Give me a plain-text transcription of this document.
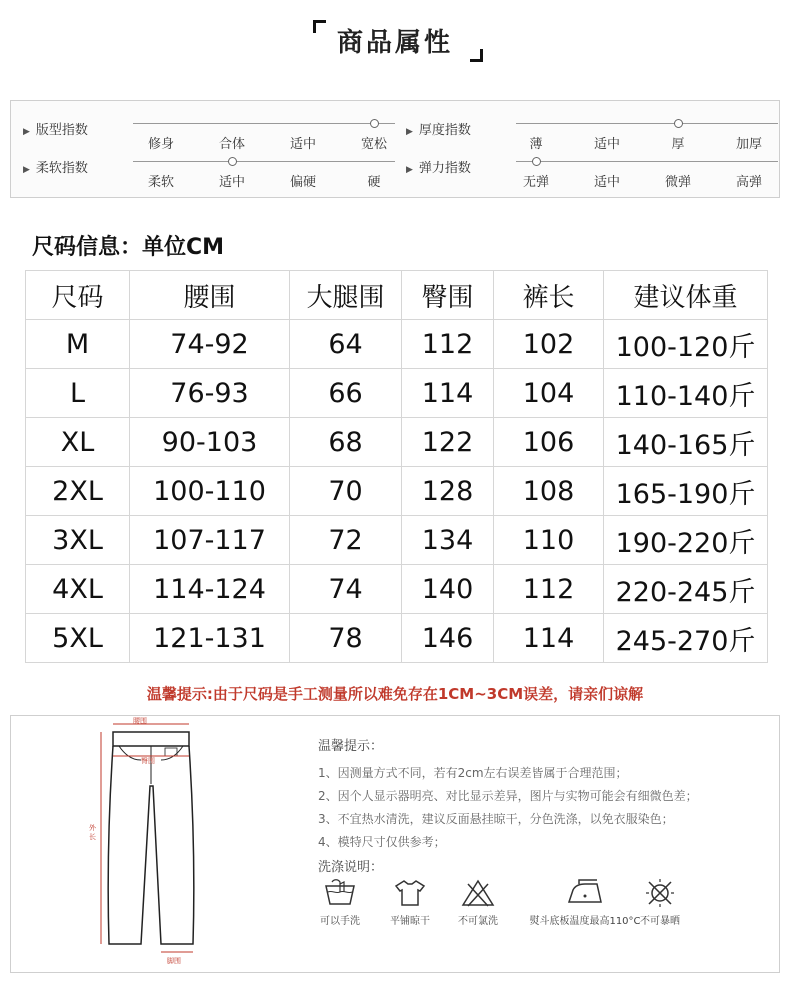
商品属性
▶ 版型指数
修身	合体	适中	宽松
▶ 厚度指数
薄	适中	厚	加厚
▶ 柔软指数
柔软	适中	偏硬	硬
▶ 弹力指数
无弹	适中	微弹	高弹
尺码信息：单位CM
尺码	腰围	大腿围	臀围	裤长	建议体重
M	74-92	64	112	102	100-120斤
L	76-93	66	114	104	110-140斤
XL	90-103	68	122	106	140-165斤
2XL	100-110	70	128	108	165-190斤
3XL	107-117	72	134	110	190-220斤
4XL	114-124	74	140	112	220-245斤
5XL	121-131	78	146	114	245-270斤
温馨提示:由于尺码是手工测量所以难免存在1CM~3CM误差，请亲们谅解
腰围
臀围
外长
脚围
温馨提示：
1、因测量方式不同，若有2cm左右误差皆属于合理范围；
2、因个人显示器明亮、对比显示差异，图片与实物可能会有细微色差；
3、不宜热水清洗，建议反面悬挂晾干，分色洗涤，以免衣服染色；
4、模特尺寸仅供参考；
洗涤说明：
可以手洗	平铺晾干	不可氯洗	熨斗底板温度最高110°C 不可暴晒
